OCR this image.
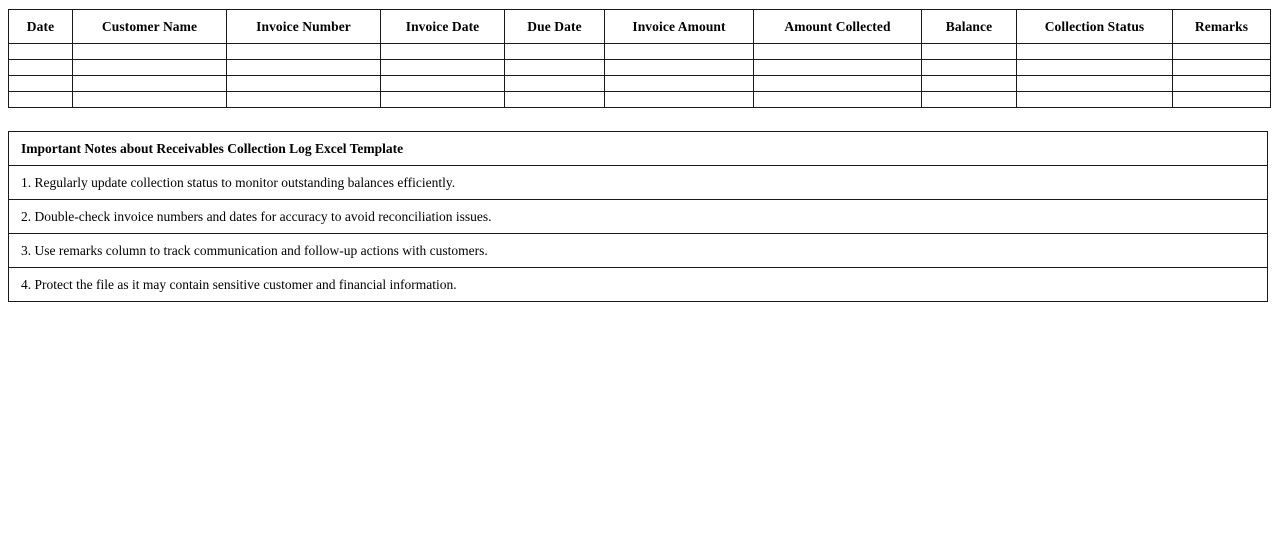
Date	Customer Name	Invoice Number	Invoice Date	Due Date	Invoice Amount	Amount Collected	Balance	Collection Status	Remarks

Important Notes about Receivables Collection Log Excel Template
1. Regularly update collection status to monitor outstanding balances efficiently.
2. Double-check invoice numbers and dates for accuracy to avoid reconciliation issues.
3. Use remarks column to track communication and follow-up actions with customers.
4. Protect the file as it may contain sensitive customer and financial information.
